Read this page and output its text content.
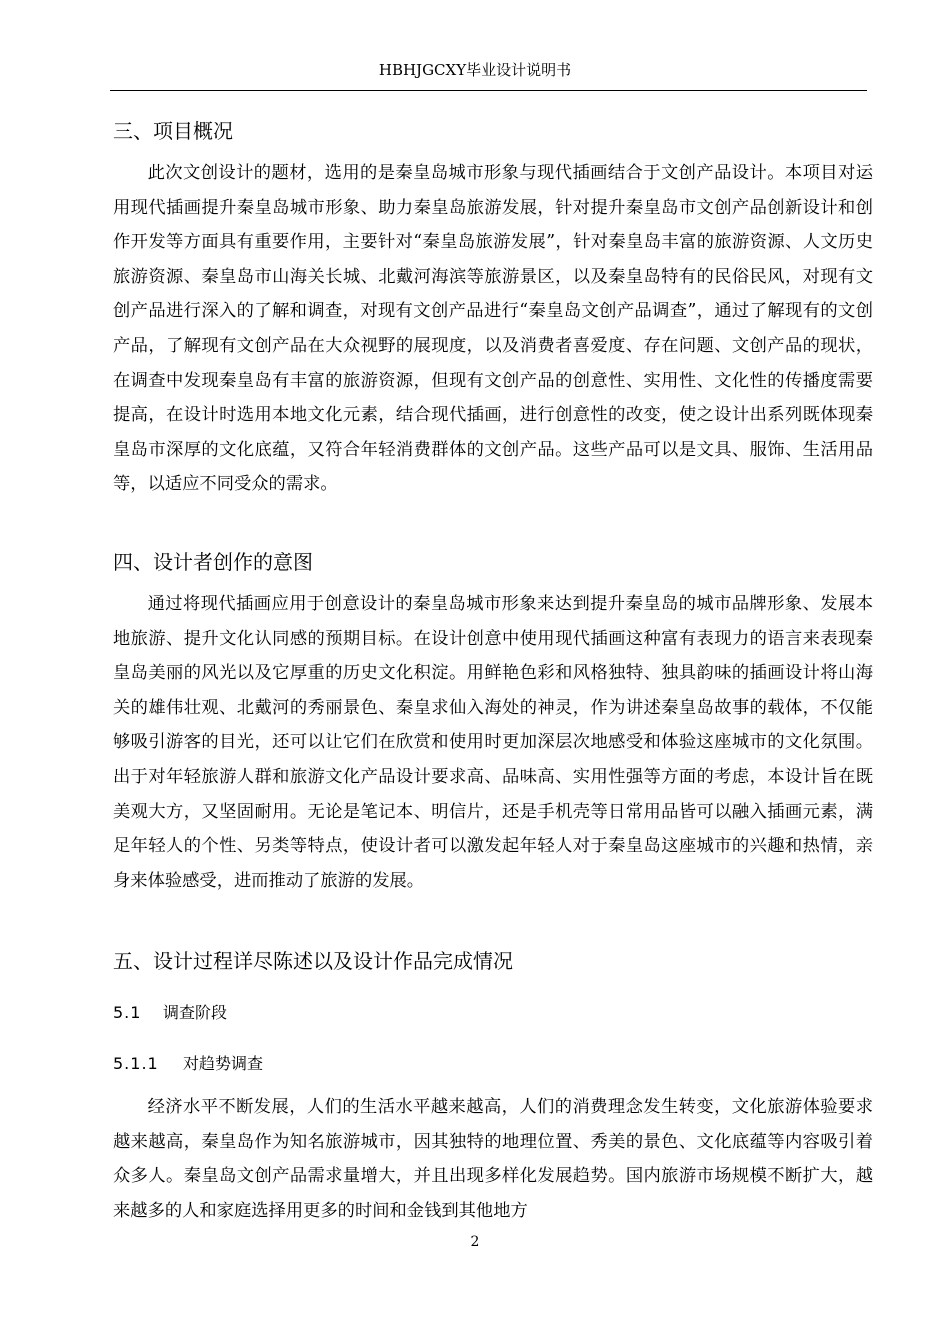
HBHJGCXY毕业设计说明书
三、项目概况
此次文创设计的题材，选用的是秦皇岛城市形象与现代插画结合于文创产品设计。本项目对运用现代插画提升秦皇岛城市形象、助力秦皇岛旅游发展，针对提升秦皇岛市文创产品创新设计和创作开发等方面具有重要作用，主要针对“秦皇岛旅游发展”，针对秦皇岛丰富的旅游资源、人文历史旅游资源、秦皇岛市山海关长城、北戴河海滨等旅游景区，以及秦皇岛特有的民俗民风，对现有文创产品进行深入的了解和调查，对现有文创产品进行“秦皇岛文创产品调查”，通过了解现有的文创产品，了解现有文创产品在大众视野的展现度，以及消费者喜爱度、存在问题、文创产品的现状，在调查中发现秦皇岛有丰富的旅游资源，但现有文创产品的创意性、实用性、文化性的传播度需要提高，在设计时选用本地文化元素，结合现代插画，进行创意性的改变，使之设计出系列既体现秦皇岛市深厚的文化底蕴，又符合年轻消费群体的文创产品。这些产品可以是文具、服饰、生活用品等，以适应不同受众的需求。
四、设计者创作的意图
通过将现代插画应用于创意设计的秦皇岛城市形象来达到提升秦皇岛的城市品牌形象、发展本地旅游、提升文化认同感的预期目标。在设计创意中使用现代插画这种富有表现力的语言来表现秦皇岛美丽的风光以及它厚重的历史文化积淀。用鲜艳色彩和风格独特、独具韵味的插画设计将山海关的雄伟壮观、北戴河的秀丽景色、秦皇求仙入海处的神灵，作为讲述秦皇岛故事的载体，不仅能够吸引游客的目光，还可以让它们在欣赏和使用时更加深层次地感受和体验这座城市的文化氛围。出于对年轻旅游人群和旅游文化产品设计要求高、品味高、实用性强等方面的考虑，本设计旨在既美观大方，又坚固耐用。无论是笔记本、明信片，还是手机壳等日常用品皆可以融入插画元素，满足年轻人的个性、另类等特点，使设计者可以激发起年轻人对于秦皇岛这座城市的兴趣和热情，亲身来体验感受，进而推动了旅游的发展。
五、设计过程详尽陈述以及设计作品完成情况
5.1 调查阶段
5.1.1 对趋势调查
经济水平不断发展，人们的生活水平越来越高，人们的消费理念发生转变，文化旅游体验要求越来越高，秦皇岛作为知名旅游城市，因其独特的地理位置、秀美的景色、文化底蕴等内容吸引着众多人。秦皇岛文创产品需求量增大，并且出现多样化发展趋势。国内旅游市场规模不断扩大，越来越多的人和家庭选择用更多的时间和金钱到其他地方
2
